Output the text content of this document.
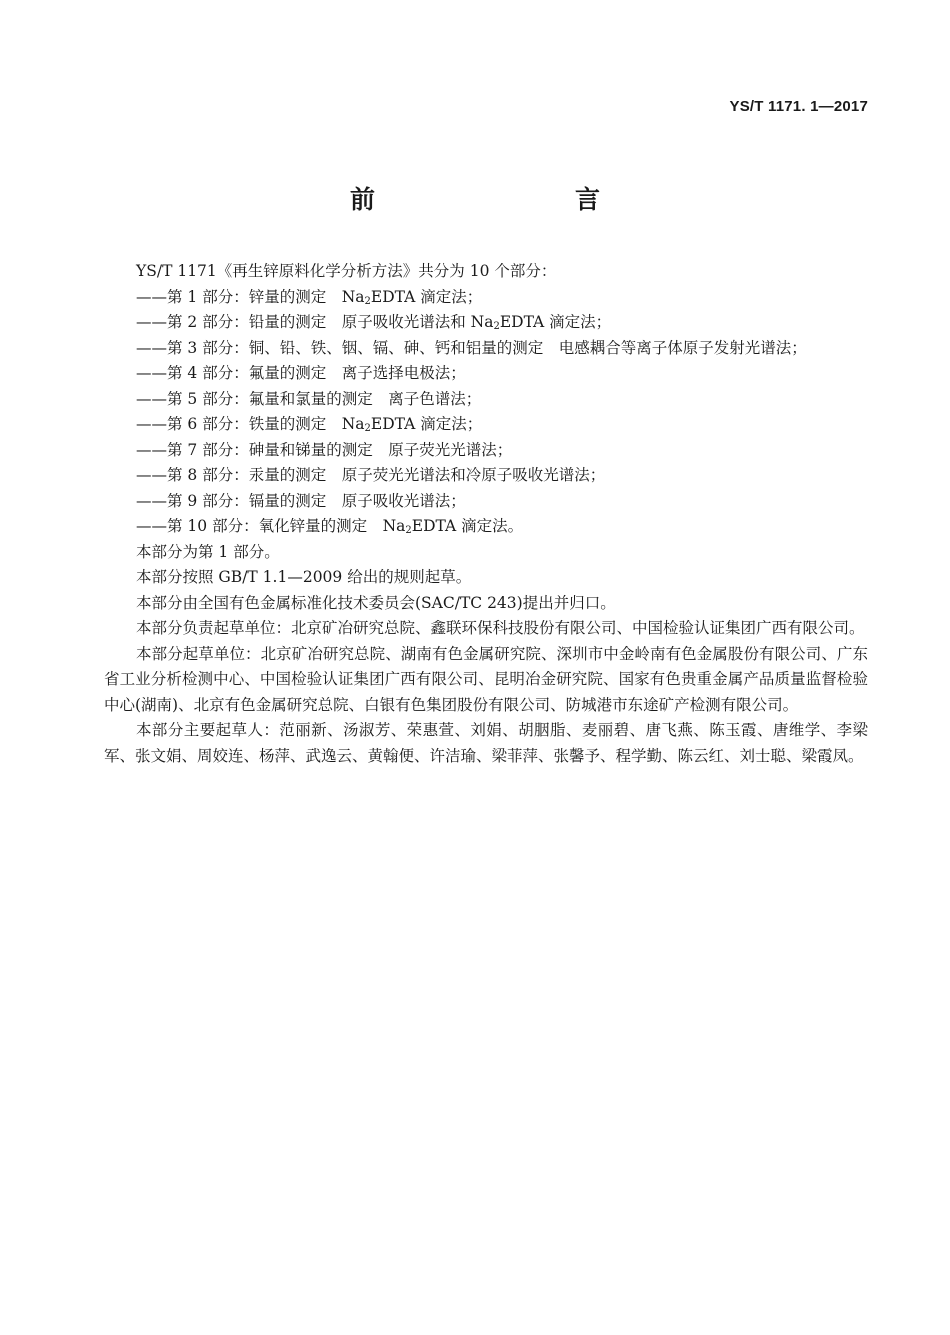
YS/T 1171. 1—2017
前　　言
YS/T 1171《再生锌原料化学分析方法》共分为 10 个部分：
——第 1 部分：锌量的测定　$Na_2EDTA$ 滴定法；
——第 2 部分：铅量的测定　原子吸收光谱法和 $Na_2EDTA$ 滴定法；
——第 3 部分：铜、铅、铁、铟、镉、砷、钙和铝量的测定　电感耦合等离子体原子发射光谱法；
——第 4 部分：氟量的测定　离子选择电极法；
——第 5 部分：氟量和氯量的测定　离子色谱法；
——第 6 部分：铁量的测定　$Na_2EDTA$ 滴定法；
——第 7 部分：砷量和锑量的测定　原子荧光光谱法；
——第 8 部分：汞量的测定　原子荧光光谱法和冷原子吸收光谱法；
——第 9 部分：镉量的测定　原子吸收光谱法；
——第 10 部分：氧化锌量的测定　$Na_2EDTA$ 滴定法。
本部分为第 1 部分。
本部分按照 GB/T 1.1—2009 给出的规则起草。
本部分由全国有色金属标准化技术委员会(SAC/TC 243)提出并归口。
本部分负责起草单位：北京矿冶研究总院、鑫联环保科技股份有限公司、中国检验认证集团广西有限公司。
本部分起草单位：北京矿冶研究总院、湖南有色金属研究院、深圳市中金岭南有色金属股份有限公司、广东省工业分析检测中心、中国检验认证集团广西有限公司、昆明冶金研究院、国家有色贵重金属产品质量监督检验中心(湖南)、北京有色金属研究总院、白银有色集团股份有限公司、防城港市东途矿产检测有限公司。
本部分主要起草人：范丽新、汤淑芳、荣惠萱、刘娟、胡胭脂、麦丽碧、唐飞燕、陈玉霞、唐维学、李梁军、张文娟、周姣连、杨萍、武逸云、黄翰便、许洁瑜、梁菲萍、张馨予、程学勤、陈云红、刘士聪、梁霞凤。
